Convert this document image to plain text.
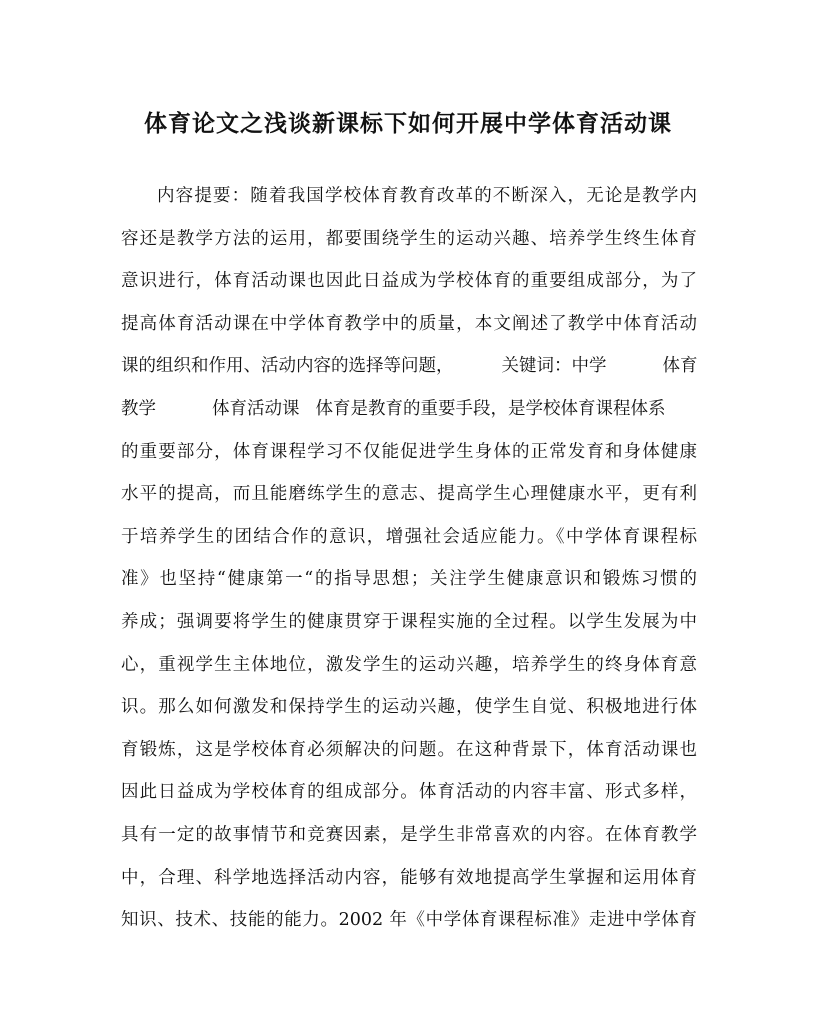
体育论文之浅谈新课标下如何开展中学体育活动课
内容提要：随着我国学校体育教育改革的不断深入，无论是教学内
容还是教学方法的运用，都要围绕学生的运动兴趣、培养学生终生体育
意识进行，体育活动课也因此日益成为学校体育的重要组成部分，为了
提高体育活动课在中学体育教学中的质量，本文阐述了教学中体育活动
课的组织和作用、活动内容的选择等问题，	关键词：中学	体育
教学	体育活动课 体育是教育的重要手段，是学校体育课程体系
的重要部分，体育课程学习不仅能促进学生身体的正常发育和身体健康
水平的提高，而且能磨练学生的意志、提高学生心理健康水平，更有利
于培养学生的团结合作的意识，增强社会适应能力。《中学体育课程标
准》也坚持“健康第一“的指导思想；关注学生健康意识和锻炼习惯的
养成；强调要将学生的健康贯穿于课程实施的全过程。以学生发展为中
心，重视学生主体地位，激发学生的运动兴趣，培养学生的终身体育意
识。那么如何激发和保持学生的运动兴趣，使学生自觉、积极地进行体
育锻炼，这是学校体育必须解决的问题。在这种背景下，体育活动课也
因此日益成为学校体育的组成部分。体育活动的内容丰富、形式多样，
具有一定的故事情节和竞赛因素，是学生非常喜欢的内容。在体育教学
中，合理、科学地选择活动内容，能够有效地提高学生掌握和运用体育
知识、技术、技能的能力。2002 年《中学体育课程标准》走进中学体育
